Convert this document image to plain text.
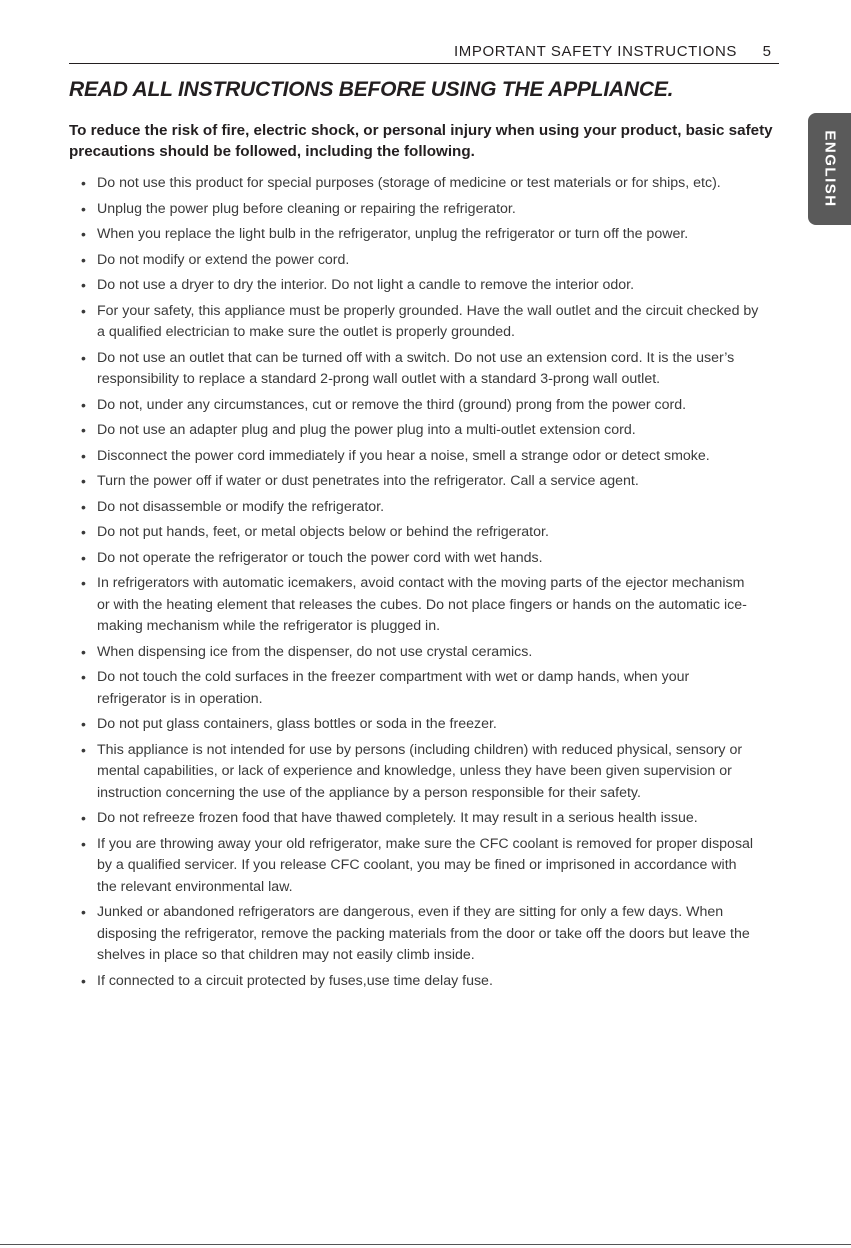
IMPORTANT SAFETY INSTRUCTIONS 5
READ ALL INSTRUCTIONS BEFORE USING THE APPLIANCE.

To reduce the risk of fire, electric shock, or personal injury when using your product, basic safety precautions should be followed, including the following.

• Do not use this product for special purposes (storage of medicine or test materials or for ships, etc).
• Unplug the power plug before cleaning or repairing the refrigerator.
• When you replace the light bulb in the refrigerator, unplug the refrigerator or turn off the power.
• Do not modify or extend the power cord.
• Do not use a dryer to dry the interior. Do not light a candle to remove the interior odor.
• For your safety, this appliance must be properly grounded. Have the wall outlet and the circuit checked by a qualified electrician to make sure the outlet is properly grounded.
• Do not use an outlet that can be turned off with a switch. Do not use an extension cord. It is the user’s responsibility to replace a standard 2-prong wall outlet with a standard 3-prong wall outlet.
• Do not, under any circumstances, cut or remove the third (ground) prong from the power cord.
• Do not use an adapter plug and plug the power plug into a multi-outlet extension cord.
• Disconnect the power cord immediately if you hear a noise, smell a strange odor or detect smoke.
• Turn the power off if water or dust penetrates into the refrigerator. Call a service agent.
• Do not disassemble or modify the refrigerator.
• Do not put hands, feet, or metal objects below or behind the refrigerator.
• Do not operate the refrigerator or touch the power cord with wet hands.
• In refrigerators with automatic icemakers, avoid contact with the moving parts of the ejector mechanism or with the heating element that releases the cubes. Do not place fingers or hands on the automatic ice-making mechanism while the refrigerator is plugged in.
• When dispensing ice from the dispenser, do not use crystal ceramics.
• Do not touch the cold surfaces in the freezer compartment with wet or damp hands, when your refrigerator is in operation.
• Do not put glass containers, glass bottles or soda in the freezer.
• This appliance is not intended for use by persons (including children) with reduced physical, sensory or mental capabilities, or lack of experience and knowledge, unless they have been given supervision or instruction concerning the use of the appliance by a person responsible for their safety.
• Do not refreeze frozen food that have thawed completely. It may result in a serious health issue.
• If you are throwing away your old refrigerator, make sure the CFC coolant is removed for proper disposal by a qualified servicer. If you release CFC coolant, you may be fined or imprisoned in accordance with the relevant environmental law.
• Junked or abandoned refrigerators are dangerous, even if they are sitting for only a few days. When disposing the refrigerator, remove the packing materials from the door or take off the doors but leave the shelves in place so that children may not easily climb inside.
• If connected to a circuit protected by fuses,use time delay fuse.
ENGLISH
